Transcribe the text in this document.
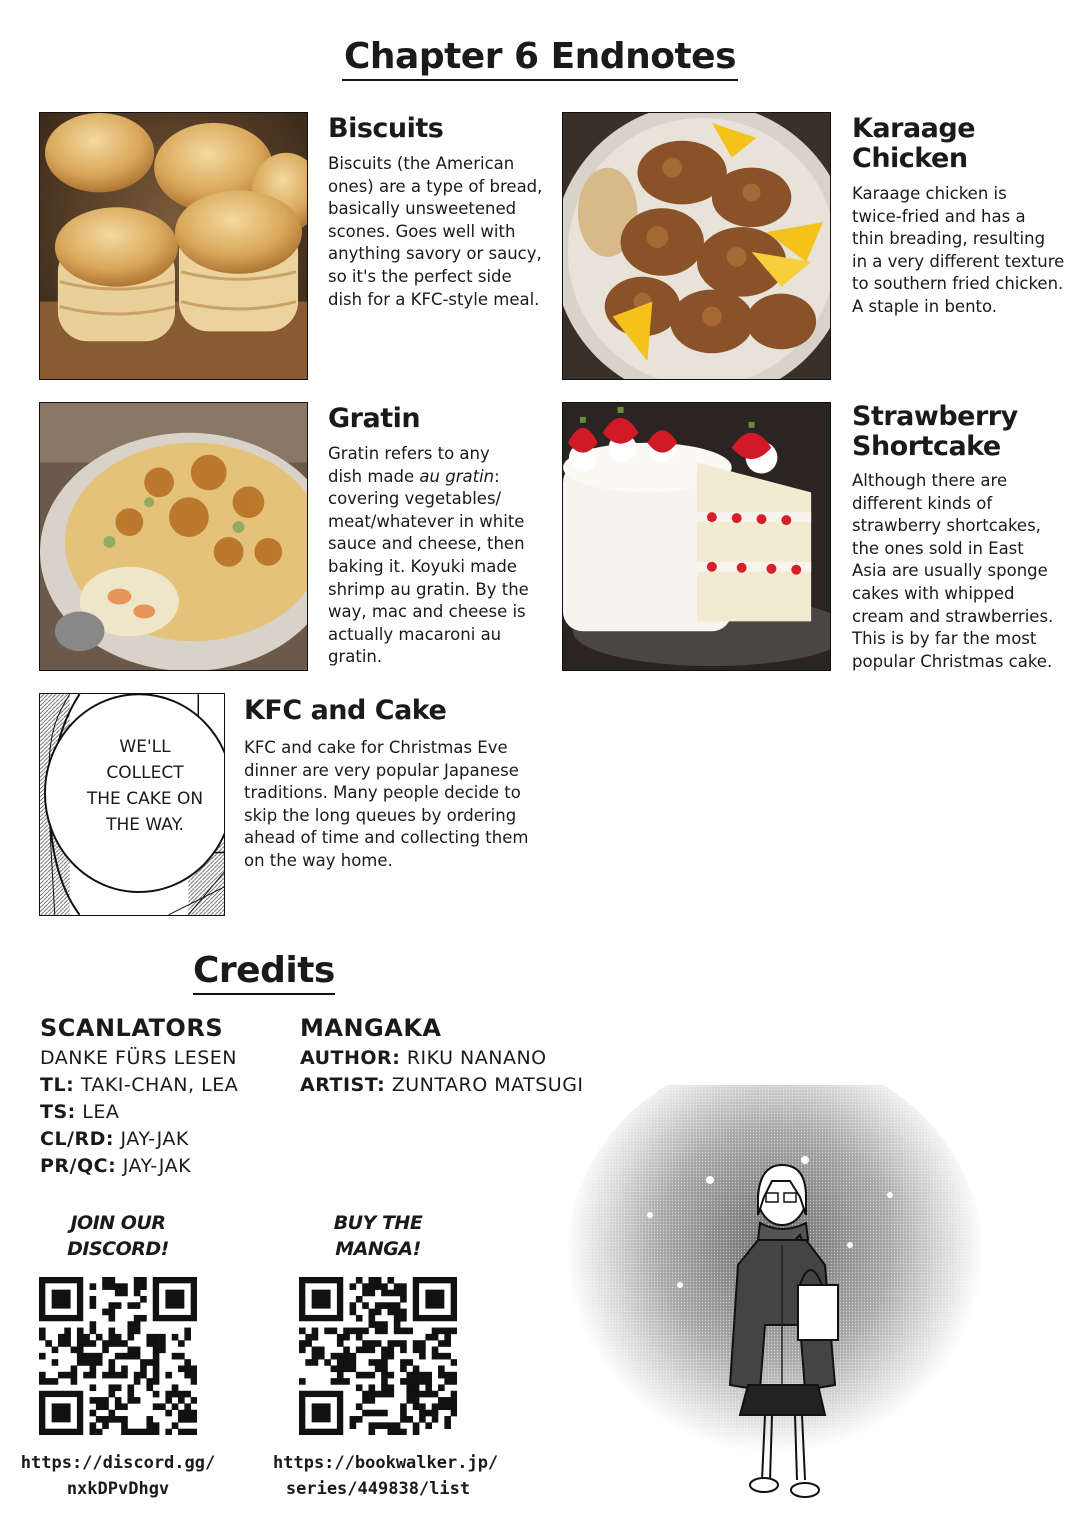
Chapter 6 Endnotes
Biscuits
Biscuits (the American
ones) are a type of bread,
basically unsweetened
scones. Goes well with
anything savory or saucy,
so it's the perfect side
dish for a KFC-style meal.
Karaage
Chicken
Karaage chicken is
twice-fried and has a
thin breading, resulting
in a very different texture
to southern fried chicken.
A staple in bento.
Gratin
Gratin refers to any
dish made au gratin:
covering vegetables/
meat/whatever in white
sauce and cheese, then
baking it. Koyuki made
shrimp au gratin. By the
way, mac and cheese is
actually macaroni au
gratin.
Strawberry
Shortcake
Although there are
different kinds of
strawberry shortcakes,
the ones sold in East
Asia are usually sponge
cakes with whipped
cream and strawberries.
This is by far the most
popular Christmas cake.
WE'LL
COLLECT
THE CAKE ON
THE WAY.
KFC and Cake
KFC and cake for Christmas Eve
dinner are very popular Japanese
traditions. Many people decide to
skip the long queues by ordering
ahead of time and collecting them
on the way home.
Credits
SCANLATORS
DANKE FÜRS LESEN
TL: TAKI-CHAN, LEA
TS: LEA
CL/RD: JAY-JAK
PR/QC: JAY-JAK
MANGAKA
AUTHOR: RIKU NANANO
ARTIST: ZUNTARO MATSUGI
JOIN OUR
DISCORD!
https://discord.gg/
nxkDPvDhgv
BUY THE
MANGA!
https://bookwalker.jp/
series/449838/list
